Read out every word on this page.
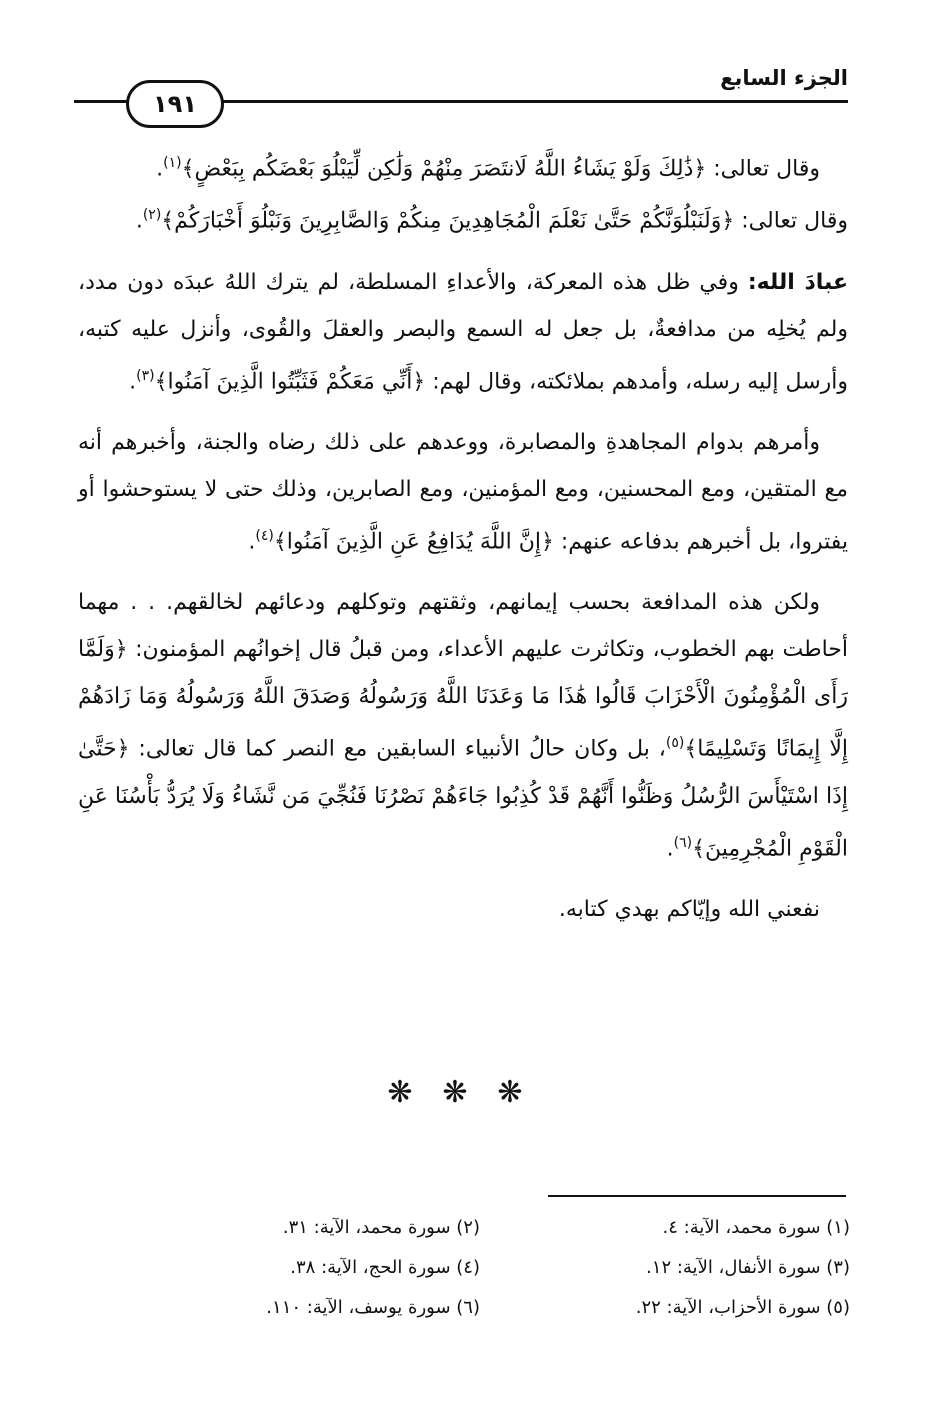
الجزء السابع
١٩١

وقال تعالى: ﴿ذَٰلِكَ وَلَوْ يَشَاءُ اللَّهُ لَانتَصَرَ مِنْهُمْ وَلَٰكِن لِّيَبْلُوَ بَعْضَكُم بِبَعْضٍ﴾$^{(١)}$.
وقال تعالى: ﴿وَلَنَبْلُوَنَّكُمْ حَتَّىٰ نَعْلَمَ الْمُجَاهِدِينَ مِنكُمْ وَالصَّابِرِينَ وَنَبْلُوَ أَخْبَارَكُمْ﴾$^{(٢)}$.

عبادَ الله: وفي ظل هذه المعركة، والأعداءِ المسلطة، لم يترك اللهُ عبدَه دون مدد، ولم يُخلِه من مدافعةٌ، بل جعل له السمع والبصر والعقلَ والقُوى، وأنزل عليه كتبه، وأرسل إليه رسله، وأمدهم بملائكته، وقال لهم: ﴿أَنِّي مَعَكُمْ فَثَبِّتُوا الَّذِينَ آمَنُوا﴾$^{(٣)}$.

وأمرهم بدوام المجاهدةِ والمصابرة، ووعدهم على ذلك رضاه والجنة، وأخبرهم أنه مع المتقين، ومع المحسنين، ومع المؤمنين، ومع الصابرين، وذلك حتى لا يستوحشوا أو يفتروا، بل أخبرهم بدفاعه عنهم: ﴿إِنَّ اللَّهَ يُدَافِعُ عَنِ الَّذِينَ آمَنُوا﴾$^{(٤)}$.

ولكن هذه المدافعة بحسب إيمانهم، وثقتهم وتوكلهم ودعائهم لخالقهم. . . مهما أحاطت بهم الخطوب، وتكاثرت عليهم الأعداء، ومن قبلُ قال إخوانُهم المؤمنون: ﴿وَلَمَّا رَأَى الْمُؤْمِنُونَ الْأَحْزَابَ قَالُوا هَٰذَا مَا وَعَدَنَا اللَّهُ وَرَسُولُهُ وَصَدَقَ اللَّهُ وَرَسُولُهُ وَمَا زَادَهُمْ إِلَّا إِيمَانًا وَتَسْلِيمًا﴾$^{(٥)}$، بل وكان حالُ الأنبياء السابقين مع النصر كما قال تعالى: ﴿حَتَّىٰ إِذَا اسْتَيْأَسَ الرُّسُلُ وَظَنُّوا أَنَّهُمْ قَدْ كُذِبُوا جَاءَهُمْ نَصْرُنَا فَنُجِّيَ مَن نَّشَاءُ وَلَا يُرَدُّ بَأْسُنَا عَنِ الْقَوْمِ الْمُجْرِمِينَ﴾$^{(٦)}$.

نفعني الله وإيّاكم بهدي كتابه.

❋ ❋ ❋
(١) سورة محمد، الآية: ٤.
(٢) سورة محمد، الآية: ٣١.
(٣) سورة الأنفال، الآية: ١٢.
(٤) سورة الحج، الآية: ٣٨.
(٥) سورة الأحزاب، الآية: ٢٢.
(٦) سورة يوسف، الآية: ١١٠.
